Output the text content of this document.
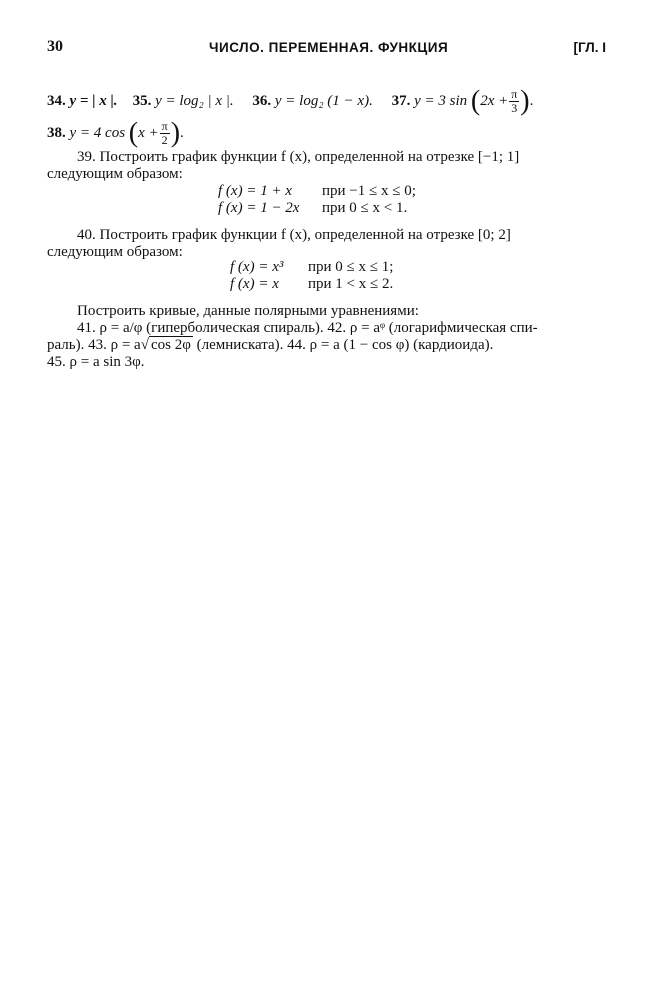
30	ЧИСЛО. ПЕРЕМЕННАЯ. ФУНКЦИЯ	[ГЛ. I
34. y = | x |. 35. y = log₂ | x |. 36. y = log₂ (1 − x). 37. y = 3 $\sin (2x + \frac{\pi}{3}$ ).
38. y = 4 $\cos (x + \frac{\pi}{2}$ ).
39. Построить график функции f (x), определенной на отрезке [−1; 1]
следующим образом:
f (x) = 1 + x при −1 ≤ x ≤ 0;
f (x) = 1 − 2x при 0 ≤ x < 1.
40. Построить график функции f (x), определенной на отрезке [0; 2]
следующим образом:
f (x) = x³ при 0 ≤ x ≤ 1;
f (x) = x при 1 < x ≤ 2.
Построить кривые, данные полярными уравнениями:
41. ρ = a/φ (гиперболическая спираль). 42. ρ = aᵠ (логарифмическая спи-
раль). 43. ρ = a√ cos 2φ (лемниската). 44. ρ = a (1 − cos φ) (кардиоида).
45. ρ = a sin 3φ.
